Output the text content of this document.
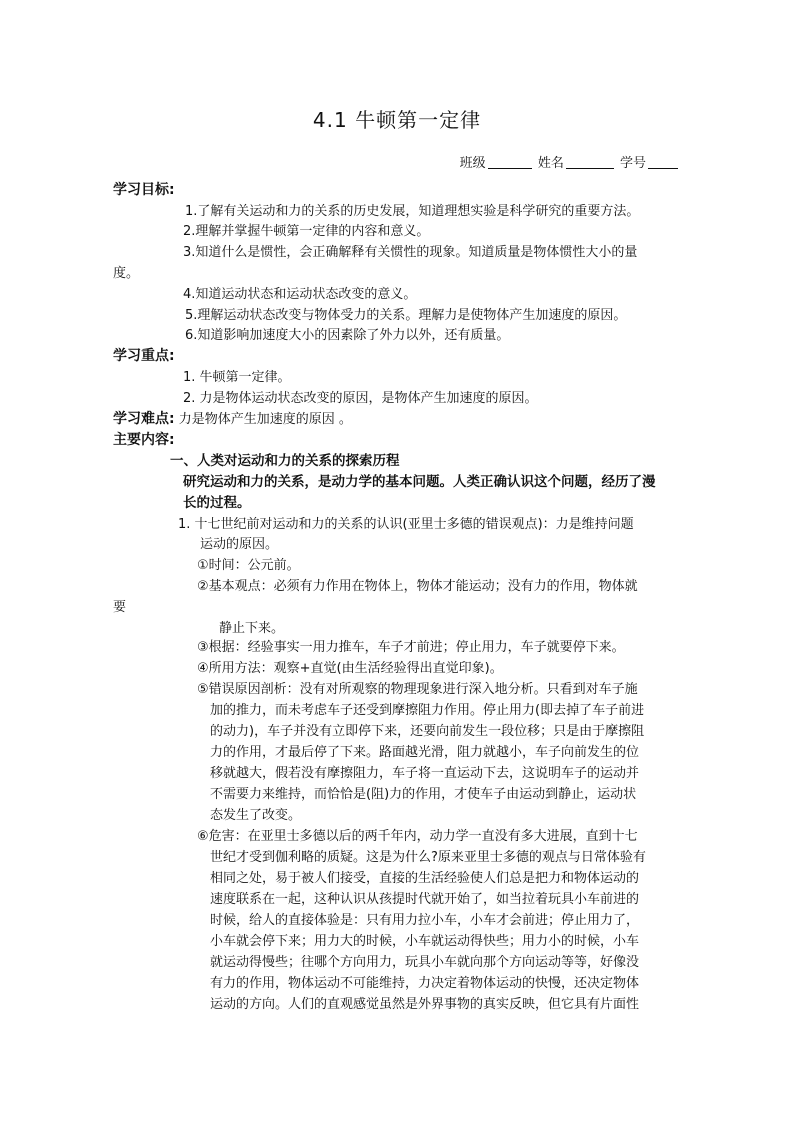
4.1 牛顿第一定律
班级	姓名	学号
学习目标:
1.了解有关运动和力的关系的历史发展，知道理想实验是科学研究的重要方法。
2.理解并掌握牛顿第一定律的内容和意义。
3.知道什么是惯性，会正确解释有关惯性的现象。知道质量是物体惯性大小的量
度。
4.知道运动状态和运动状态改变的意义。
5.理解运动状态改变与物体受力的关系。理解力是使物体产生加速度的原因。
6.知道影响加速度大小的因素除了外力以外，还有质量。
学习重点:
1. 牛顿第一定律。
2. 力是物体运动状态改变的原因，是物体产生加速度的原因。
学习难点: 力是物体产生加速度的原因 。
主要内容:
一、人类对运动和力的关系的探索历程
研究运动和力的关系，是动力学的基本问题。人类正确认识这个问题，经历了漫
长的过程。
1. 十七世纪前对运动和力的关系的认识(亚里士多德的错误观点)：力是维持问题
运动的原因。
①时间：公元前。
②基本观点：必须有力作用在物体上，物体才能运动；没有力的作用，物体就
要
静止下来。
③根据：经验事实一用力推车，车子才前进；停止用力，车子就要停下来。
④所用方法：观察+直觉(由生活经验得出直觉印象)。
⑤错误原因剖析：没有对所观察的物理现象进行深入地分析。只看到对车子施
加的推力，而未考虑车子还受到摩擦阻力作用。停止用力(即去掉了车子前进
的动力)，车子并没有立即停下来，还要向前发生一段位移；只是由于摩擦阻
力的作用，才最后停了下来。路面越光滑，阻力就越小，车子向前发生的位
移就越大，假若没有摩擦阻力，车子将一直运动下去，这说明车子的运动并
不需要力来维持，而恰恰是(阻)力的作用，才使车子由运动到静止，运动状
态发生了改变。
⑥危害：在亚里士多德以后的两千年内，动力学一直没有多大进展，直到十七
世纪才受到伽利略的质疑。这是为什么?原来亚里士多德的观点与日常体验有
相同之处，易于被人们接受，直接的生活经验使人们总是把力和物体运动的
速度联系在一起，这种认识从孩提时代就开始了，如当拉着玩具小车前进的
时候，给人的直接体验是：只有用力拉小车，小车才会前进；停止用力了，
小车就会停下来；用力大的时候，小车就运动得快些；用力小的时候，小车
就运动得慢些；往哪个方向用力，玩具小车就向那个方向运动等等，好像没
有力的作用，物体运动不可能维持，力决定着物体运动的快慢，还决定物体
运动的方向。人们的直观感觉虽然是外界事物的真实反映，但它具有片面性
